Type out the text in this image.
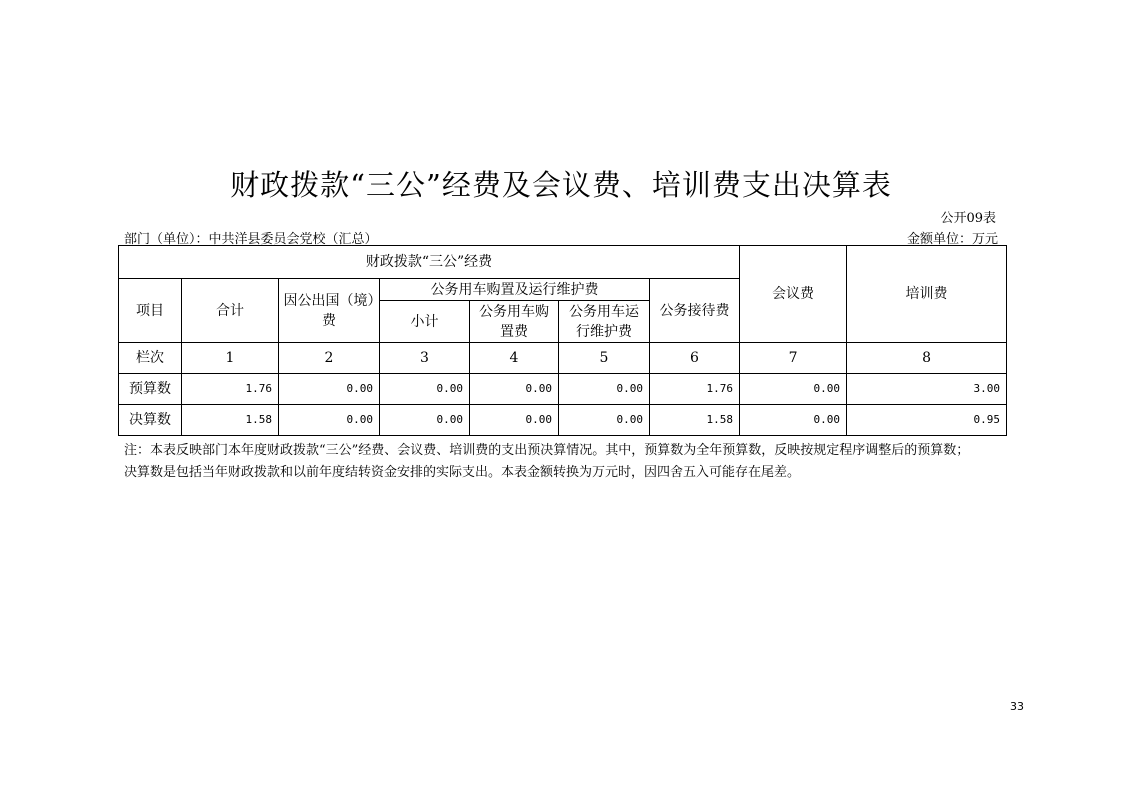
财政拨款“三公”经费及会议费、培训费支出决算表
公开09表
部门（单位）：中共洋县委员会党校（汇总）	金额单位：万元
财政拨款“三公”经费							会议费	培训费
项目	合计	因公出国（境）费	公务用车购置及运行维护费			公务接待费		
			小计	公务用车购置费	公务用车运行维护费			
栏次	1	2	3	4	5	6	7	8
预算数	1.76	0.00	0.00	0.00	0.00	1.76	0.00	3.00
决算数	1.58	0.00	0.00	0.00	0.00	1.58	0.00	0.95
注：本表反映部门本年度财政拨款“三公”经费、会议费、培训费的支出预决算情况。其中，预算数为全年预算数，反映按规定程序调整后的预算数；
决算数是包括当年财政拨款和以前年度结转资金安排的实际支出。本表金额转换为万元时，因四舍五入可能存在尾差。
33
